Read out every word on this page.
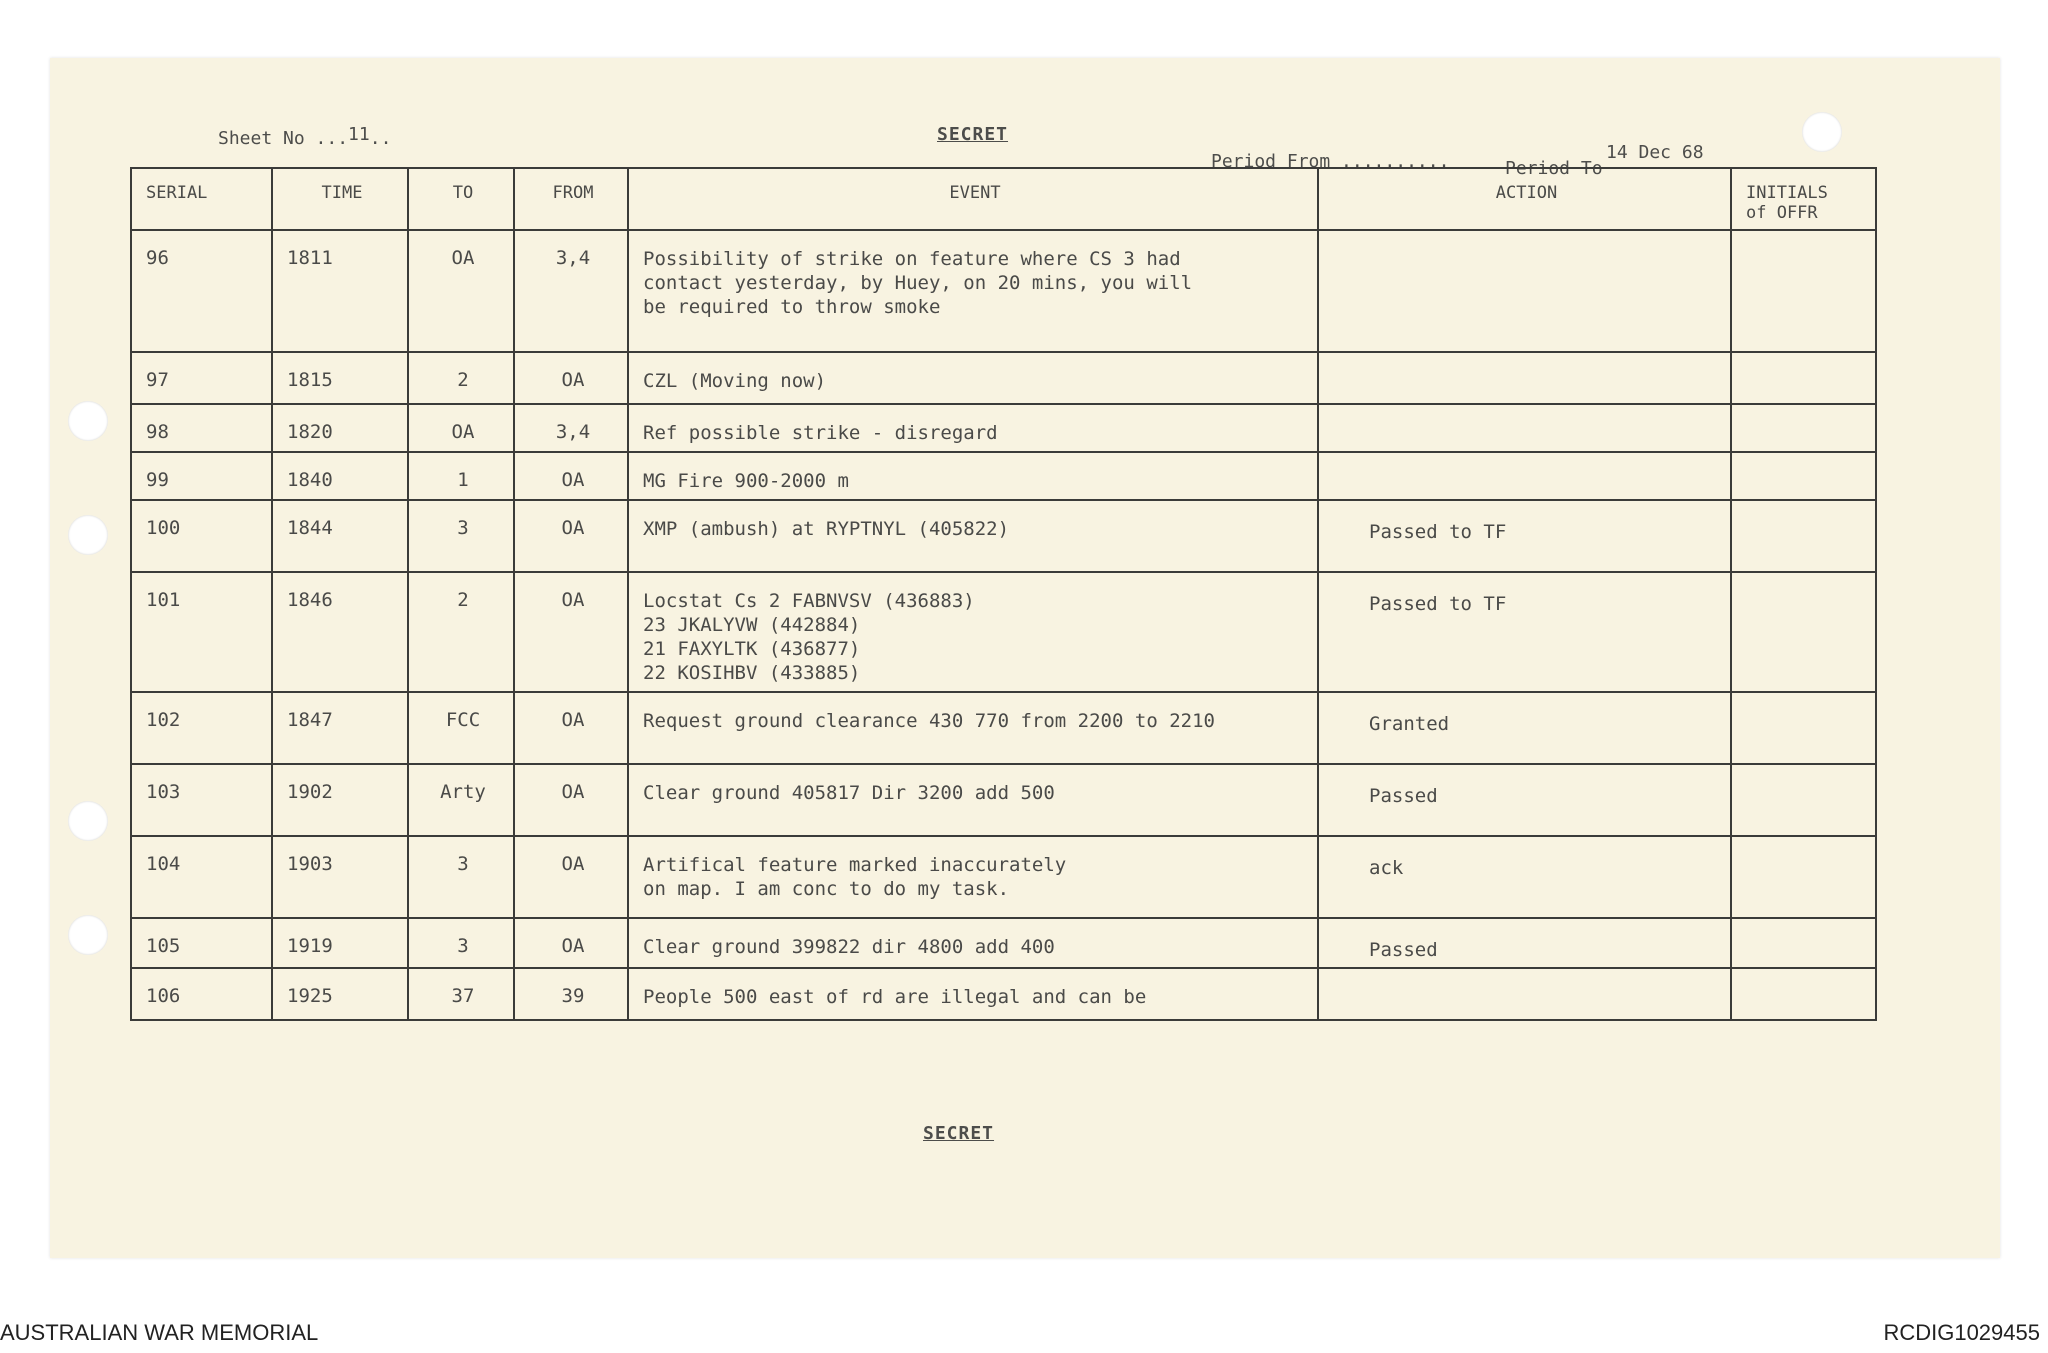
Sheet No ...11..	SECRET
Period From ..........	Period To
14 Dec 68
SERIAL	TIME	TO	FROM	EVENT	ACTION	INITIALS
of OFFR

96	1811	OA	3,4	Possibility of strike on feature where CS 3 had
contact yesterday, by Huey, on 20 mins, you will
be required to throw smoke		

97	1815	2	OA	CZL (Moving now)		

98	1820	OA	3,4	Ref possible strike - disregard		

99	1840	1	OA	MG Fire 900-2000 m		

100	1844	3	OA	XMP (ambush) at RYPTNYL (405822)	Passed to TF	
101	1846	2	OA	Locstat Cs 2 FABNVSV (436883)
23 JKALYVW (442884)
21 FAXYLTK (436877)
22 KOSIHBV (433885)	Passed to TF	
102	1847	FCC	OA	Request ground clearance 430 770 from 2200 to 2210	Granted	
103	1902	Arty	OA	Clear ground 405817 Dir 3200 add 500	Passed	
104	1903	3	OA	Artifical feature marked inaccurately
on map. I am conc to do my task.	ack	
105	1919	3	OA	Clear ground 399822 dir 4800 add 400	Passed	
106	1925	37	39	People 500 east of rd are illegal and can be		

SECRET
AUSTRALIAN WAR MEMORIAL	RCDIG1029455
